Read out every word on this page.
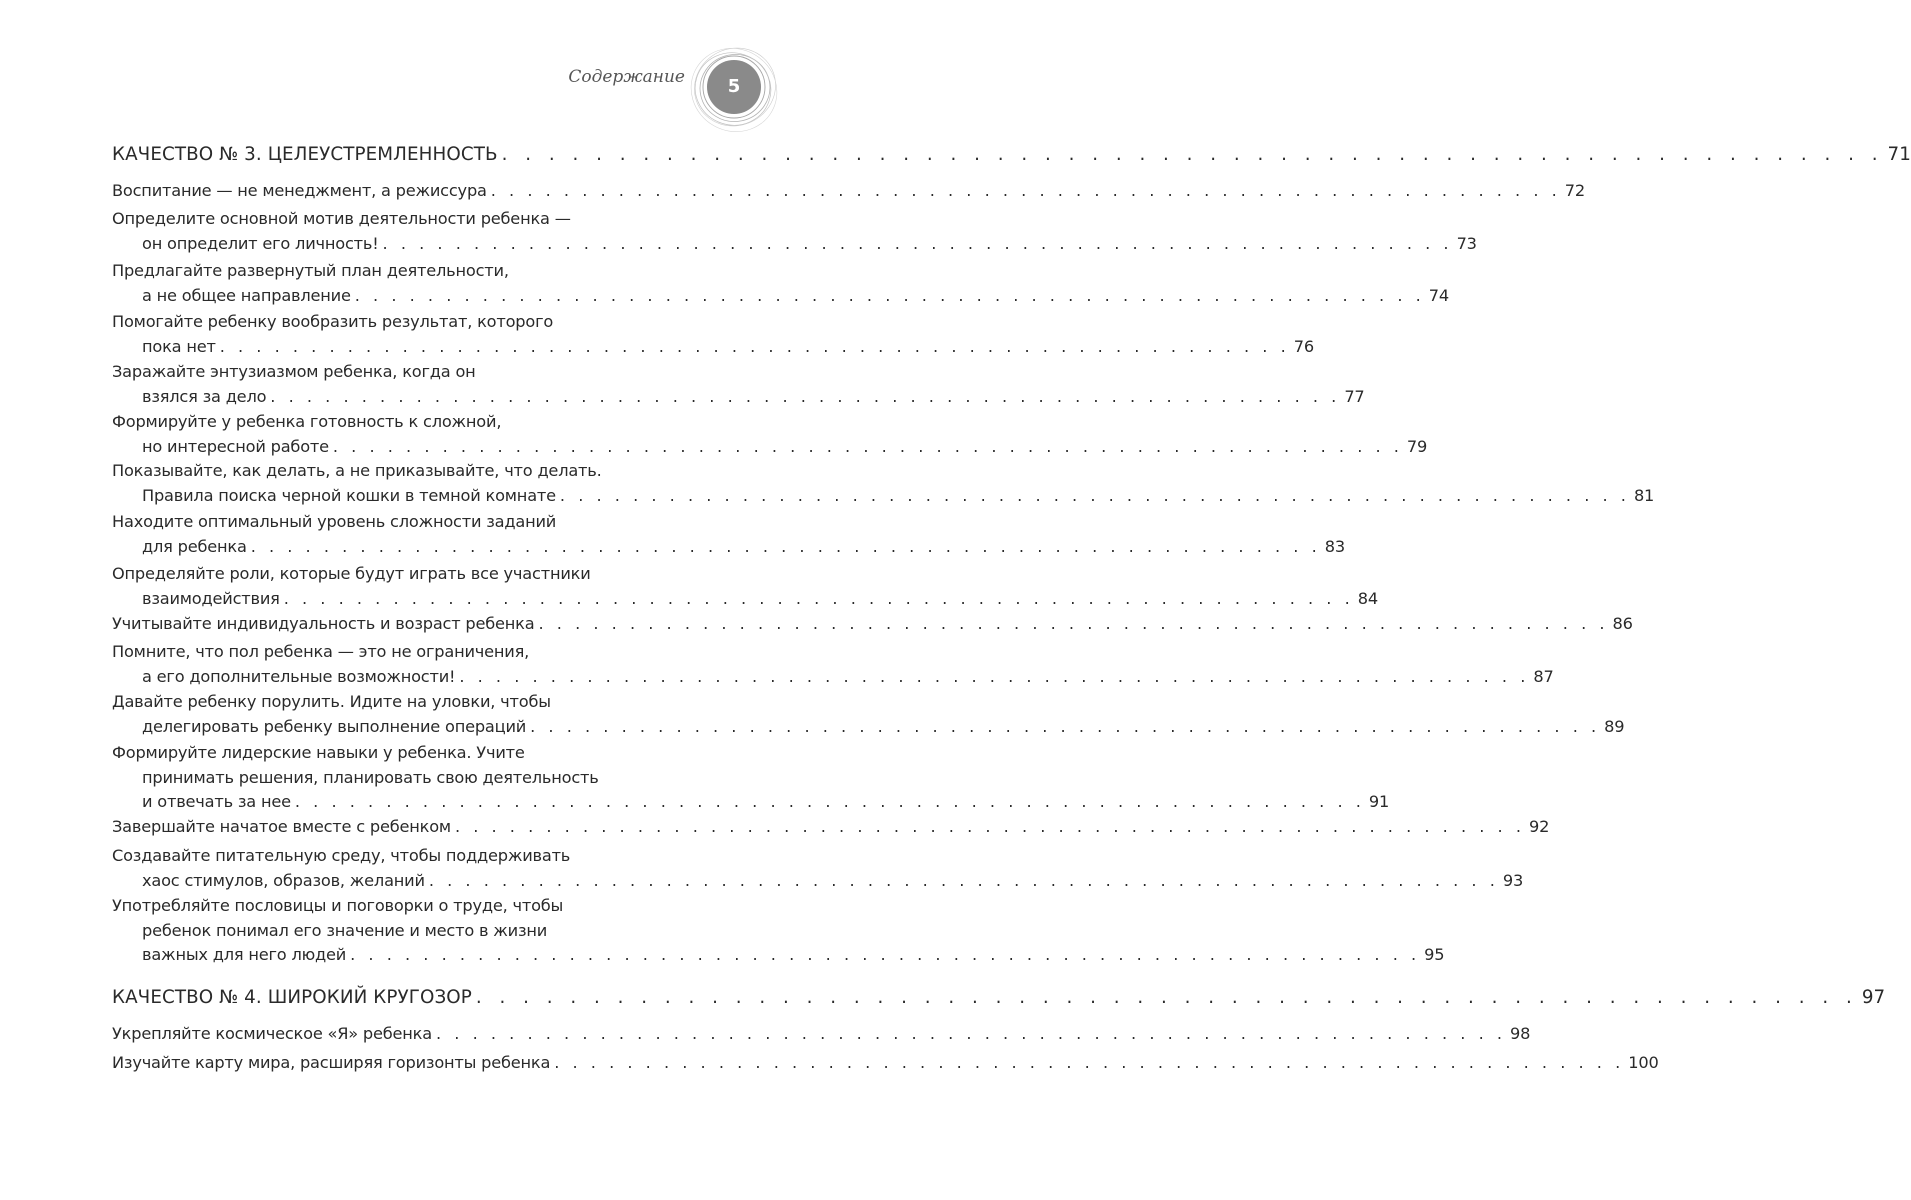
Содержание	5
КАЧЕСТВО № 3. ЦЕЛЕУСТРЕМЛЕННОСТЬ . . . . . . . . . . . . . . . . . . . . . . . . . . . . . . . . . . . . . . . . . . . . . . . . . . . . . . . . . . . 71
Воспитание — не менеджмент, а режиссура . . . . . . . . . . . . . . . . . . . . . . . . . . . . . . . . . . . . . . . . . . . . . . . . . . . . . . . . . . . 72
Определите основной мотив деятельности ребенка —
он определит его личность! . . . . . . . . . . . . . . . . . . . . . . . . . . . . . . . . . . . . . . . . . . . . . . . . . . . . . . . . . . . 73
Предлагайте развернутый план деятельности,
а не общее направление . . . . . . . . . . . . . . . . . . . . . . . . . . . . . . . . . . . . . . . . . . . . . . . . . . . . . . . . . . . 74
Помогайте ребенку вообразить результат, которого
пока нет . . . . . . . . . . . . . . . . . . . . . . . . . . . . . . . . . . . . . . . . . . . . . . . . . . . . . . . . . . . 76
Заражайте энтузиазмом ребенка, когда он
взялся за дело . . . . . . . . . . . . . . . . . . . . . . . . . . . . . . . . . . . . . . . . . . . . . . . . . . . . . . . . . . . 77
Формируйте у ребенка готовность к сложной,
но интересной работе . . . . . . . . . . . . . . . . . . . . . . . . . . . . . . . . . . . . . . . . . . . . . . . . . . . . . . . . . . . 79
Показывайте, как делать, а не приказывайте, что делать.
Правила поиска черной кошки в темной комнате . . . . . . . . . . . . . . . . . . . . . . . . . . . . . . . . . . . . . . . . . . . . . . . . . . . . . . . . . . . 81
Находите оптимальный уровень сложности заданий
для ребенка . . . . . . . . . . . . . . . . . . . . . . . . . . . . . . . . . . . . . . . . . . . . . . . . . . . . . . . . . . . 83
Определяйте роли, которые будут играть все участники
взаимодействия . . . . . . . . . . . . . . . . . . . . . . . . . . . . . . . . . . . . . . . . . . . . . . . . . . . . . . . . . . . 84
Учитывайте индивидуальность и возраст ребенка . . . . . . . . . . . . . . . . . . . . . . . . . . . . . . . . . . . . . . . . . . . . . . . . . . . . . . . . . . . 86
Помните, что пол ребенка — это не ограничения,
а его дополнительные возможности! . . . . . . . . . . . . . . . . . . . . . . . . . . . . . . . . . . . . . . . . . . . . . . . . . . . . . . . . . . . 87
Давайте ребенку порулить. Идите на уловки, чтобы
делегировать ребенку выполнение операций . . . . . . . . . . . . . . . . . . . . . . . . . . . . . . . . . . . . . . . . . . . . . . . . . . . . . . . . . . . 89
Формируйте лидерские навыки у ребенка. Учите
принимать решения, планировать свою деятельность
и отвечать за нее . . . . . . . . . . . . . . . . . . . . . . . . . . . . . . . . . . . . . . . . . . . . . . . . . . . . . . . . . . . 91
Завершайте начатое вместе с ребенком . . . . . . . . . . . . . . . . . . . . . . . . . . . . . . . . . . . . . . . . . . . . . . . . . . . . . . . . . . . 92
Создавайте питательную среду, чтобы поддерживать
хаос стимулов, образов, желаний . . . . . . . . . . . . . . . . . . . . . . . . . . . . . . . . . . . . . . . . . . . . . . . . . . . . . . . . . . . 93
Употребляйте пословицы и поговорки о труде, чтобы
ребенок понимал его значение и место в жизни
важных для него людей . . . . . . . . . . . . . . . . . . . . . . . . . . . . . . . . . . . . . . . . . . . . . . . . . . . . . . . . . . . 95
КАЧЕСТВО № 4. ШИРОКИЙ КРУГОЗОР . . . . . . . . . . . . . . . . . . . . . . . . . . . . . . . . . . . . . . . . . . . . . . . . . . . . . . . . . . . 97
Укрепляйте космическое «Я» ребенка . . . . . . . . . . . . . . . . . . . . . . . . . . . . . . . . . . . . . . . . . . . . . . . . . . . . . . . . . . . 98
Изучайте карту мира, расширяя горизонты ребенка . . . . . . . . . . . . . . . . . . . . . . . . . . . . . . . . . . . . . . . . . . . . . . . . . . . . . . . . . . . 100
